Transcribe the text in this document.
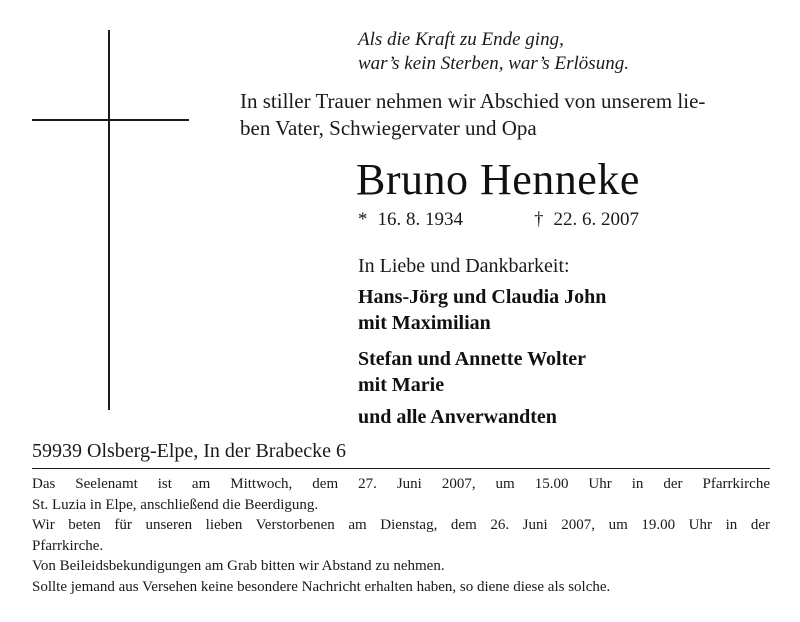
Als die Kraft zu Ende ging,
war’s kein Sterben, war’s Erlösung.
In stiller Trauer nehmen wir Abschied von unserem lie-
ben Vater, Schwiegervater und Opa
Bruno Henneke
* 16. 8. 1934	† 22. 6. 2007
In Liebe und Dankbarkeit:
Hans-Jörg und Claudia John
mit Maximilian
Stefan und Annette Wolter
mit Marie
und alle Anverwandten
59939 Olsberg-Elpe, In der Brabecke 6
Das Seelenamt ist am Mittwoch, dem 27. Juni 2007, um 15.00 Uhr in der Pfarrkirche
St. Luzia in Elpe, anschließend die Beerdigung.
Wir beten für unseren lieben Verstorbenen am Dienstag, dem 26. Juni 2007, um 19.00 Uhr in der
Pfarrkirche.
Von Beileidsbekundigungen am Grab bitten wir Abstand zu nehmen.
Sollte jemand aus Versehen keine besondere Nachricht erhalten haben, so diene diese als solche.
